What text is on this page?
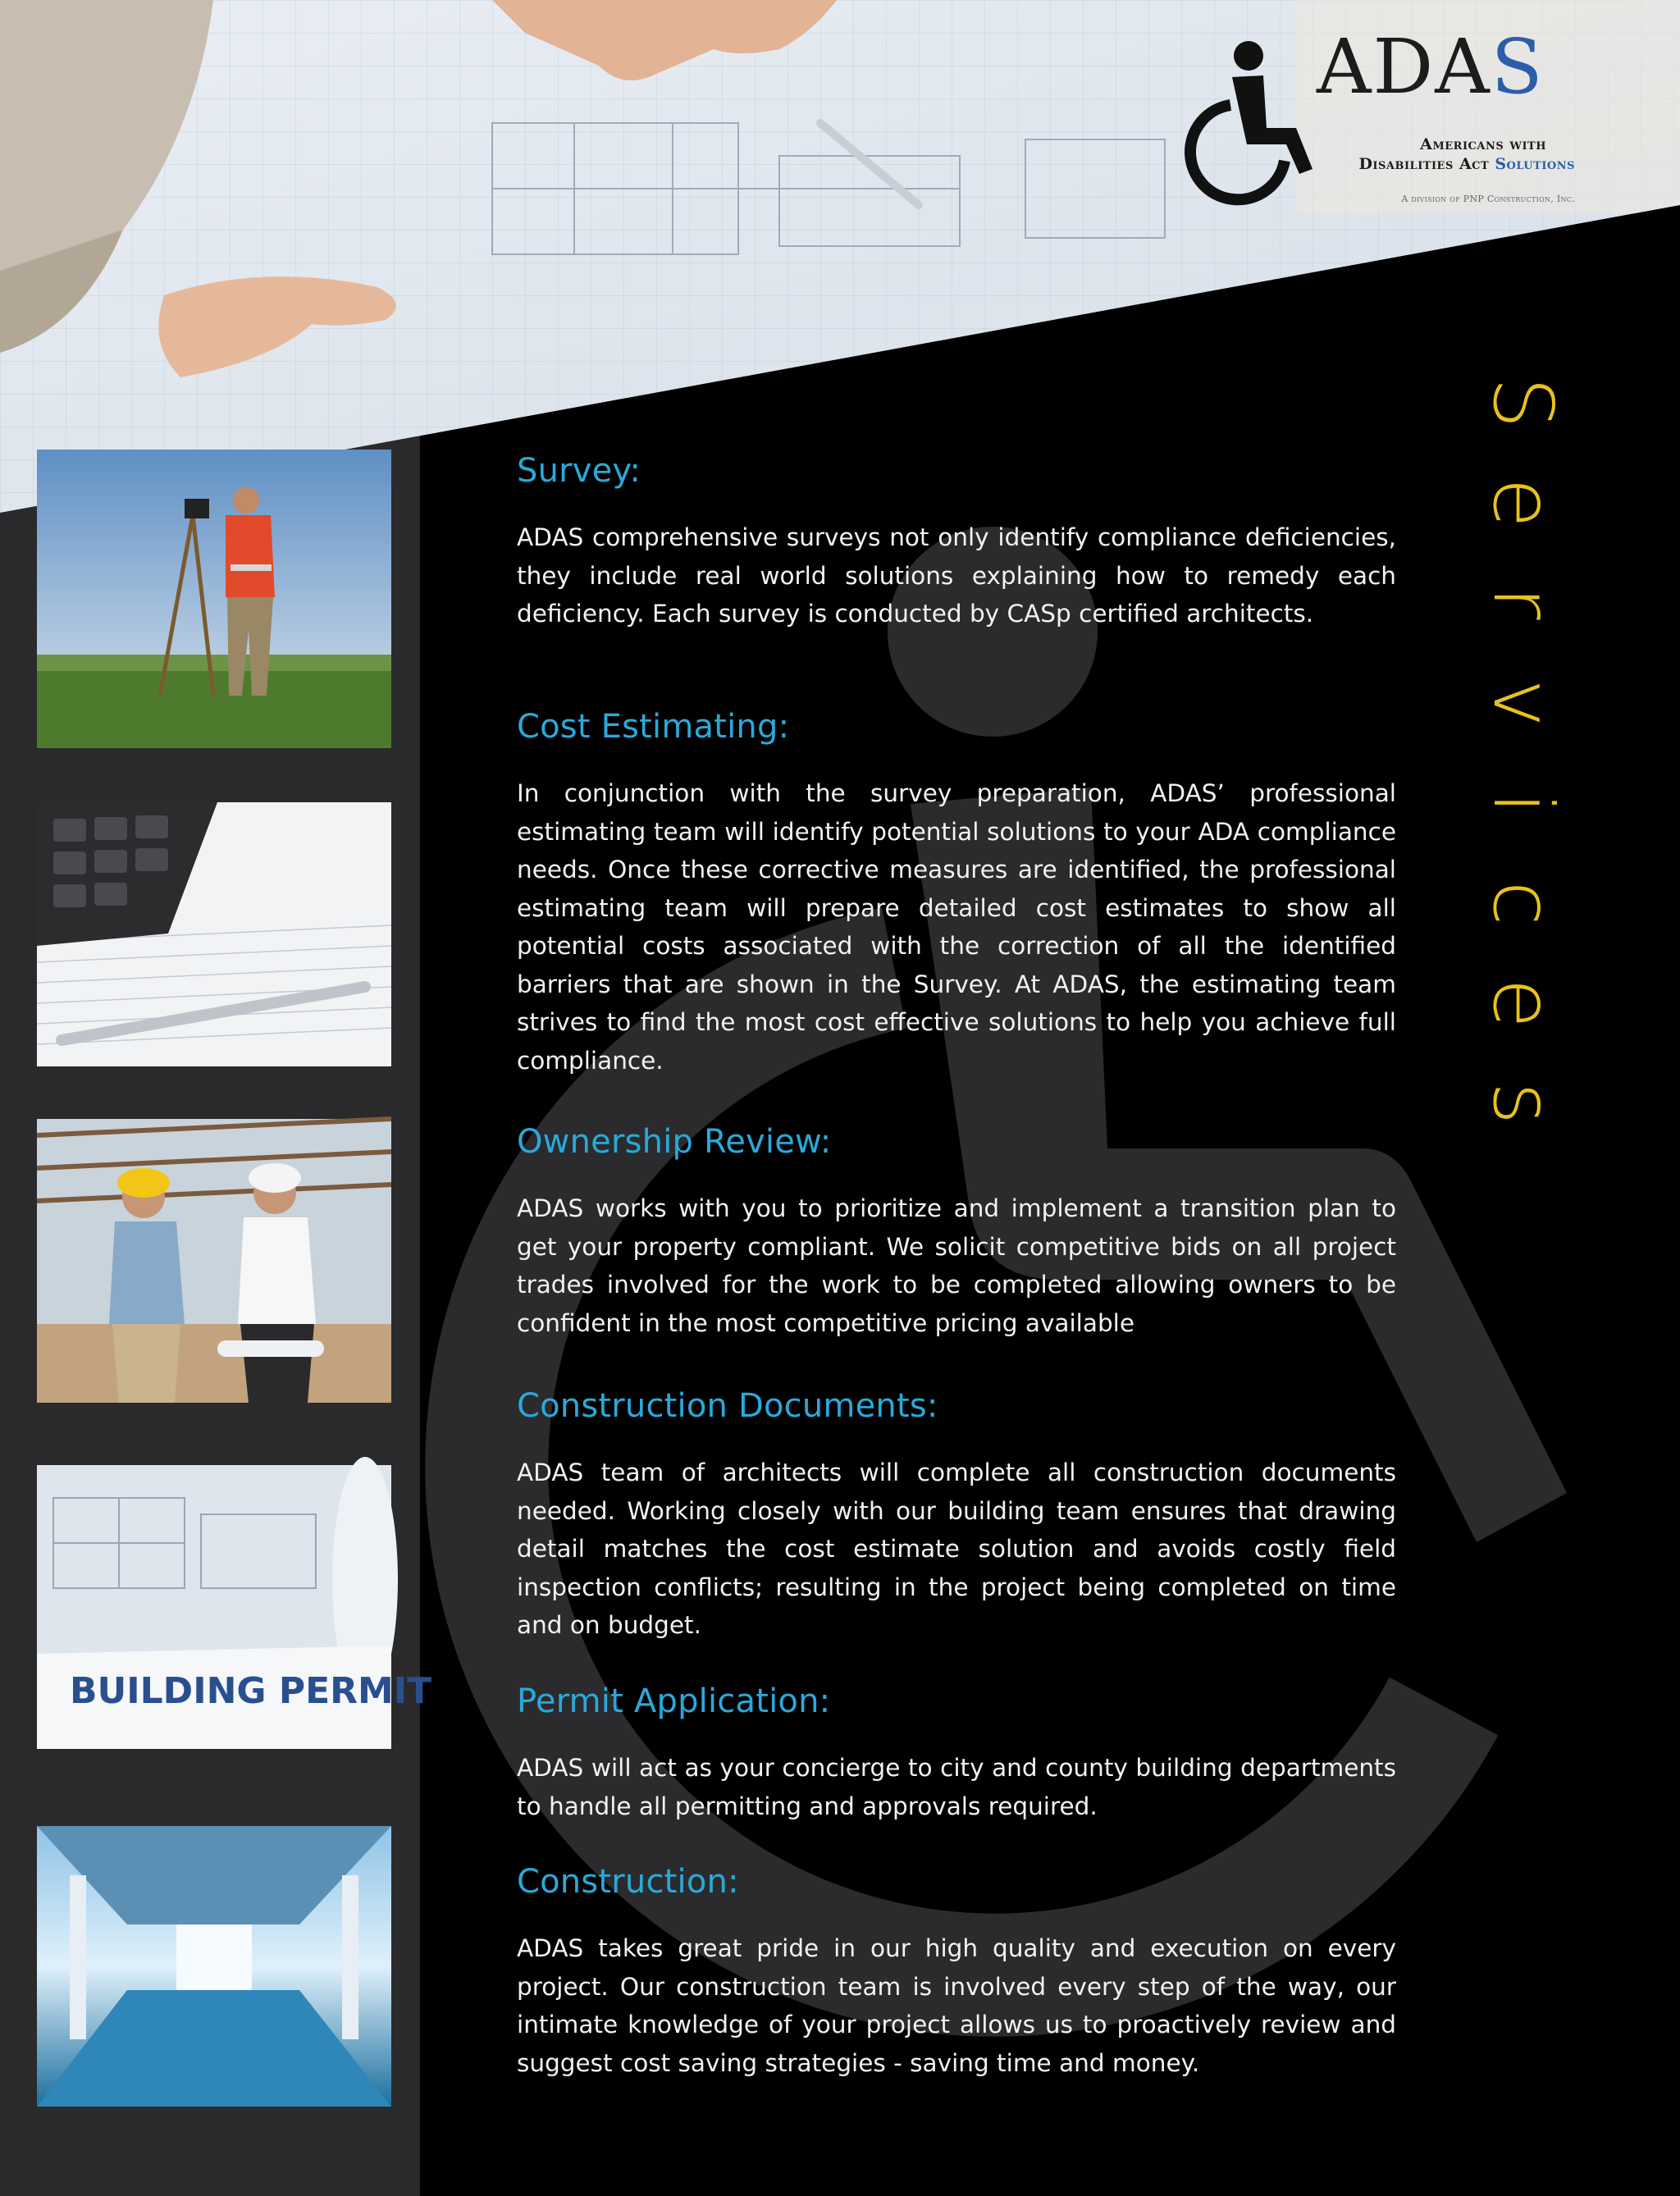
ADAS

Americans with

Disabilities Act Solutions

A division of PNP Construction, Inc.

S
e
r
v
i
c
e
s
BUILDING PERMIT
Survey:

ADAS comprehensive surveys not only identify compliance deficiencies, they include real world solutions explaining how to remedy each deficiency. Each survey is conducted by CASp certified architects.

Cost Estimating:

In conjunction with the survey preparation, ADAS’ professional estimating team will identify potential solutions to your ADA compliance needs. Once these corrective measures are identified, the professional estimating team will prepare detailed cost estimates to show all potential costs associated with the correction of all the identified barriers that are shown in the Survey. At ADAS, the estimating team strives to find the most cost effective solutions to help you achieve full compliance.

Ownership Review:

ADAS works with you to prioritize and implement a transition plan to get your property compliant. We solicit competitive bids on all project trades involved for the work to be completed allowing owners to be confident in the most competitive pricing available

Construction Documents:

ADAS team of architects will complete all construction documents needed. Working closely with our building team ensures that drawing detail matches the cost estimate solution and avoids costly field inspection conflicts; resulting in the project being completed on time and on budget.

Permit Application:

ADAS will act as your concierge to city and county building departments to handle all permitting and approvals required.

Construction:

ADAS takes great pride in our high quality and execution on every project. Our construction team is involved every step of the way, our intimate knowledge of your project allows us to proactively review and suggest cost saving strategies - saving time and money.
